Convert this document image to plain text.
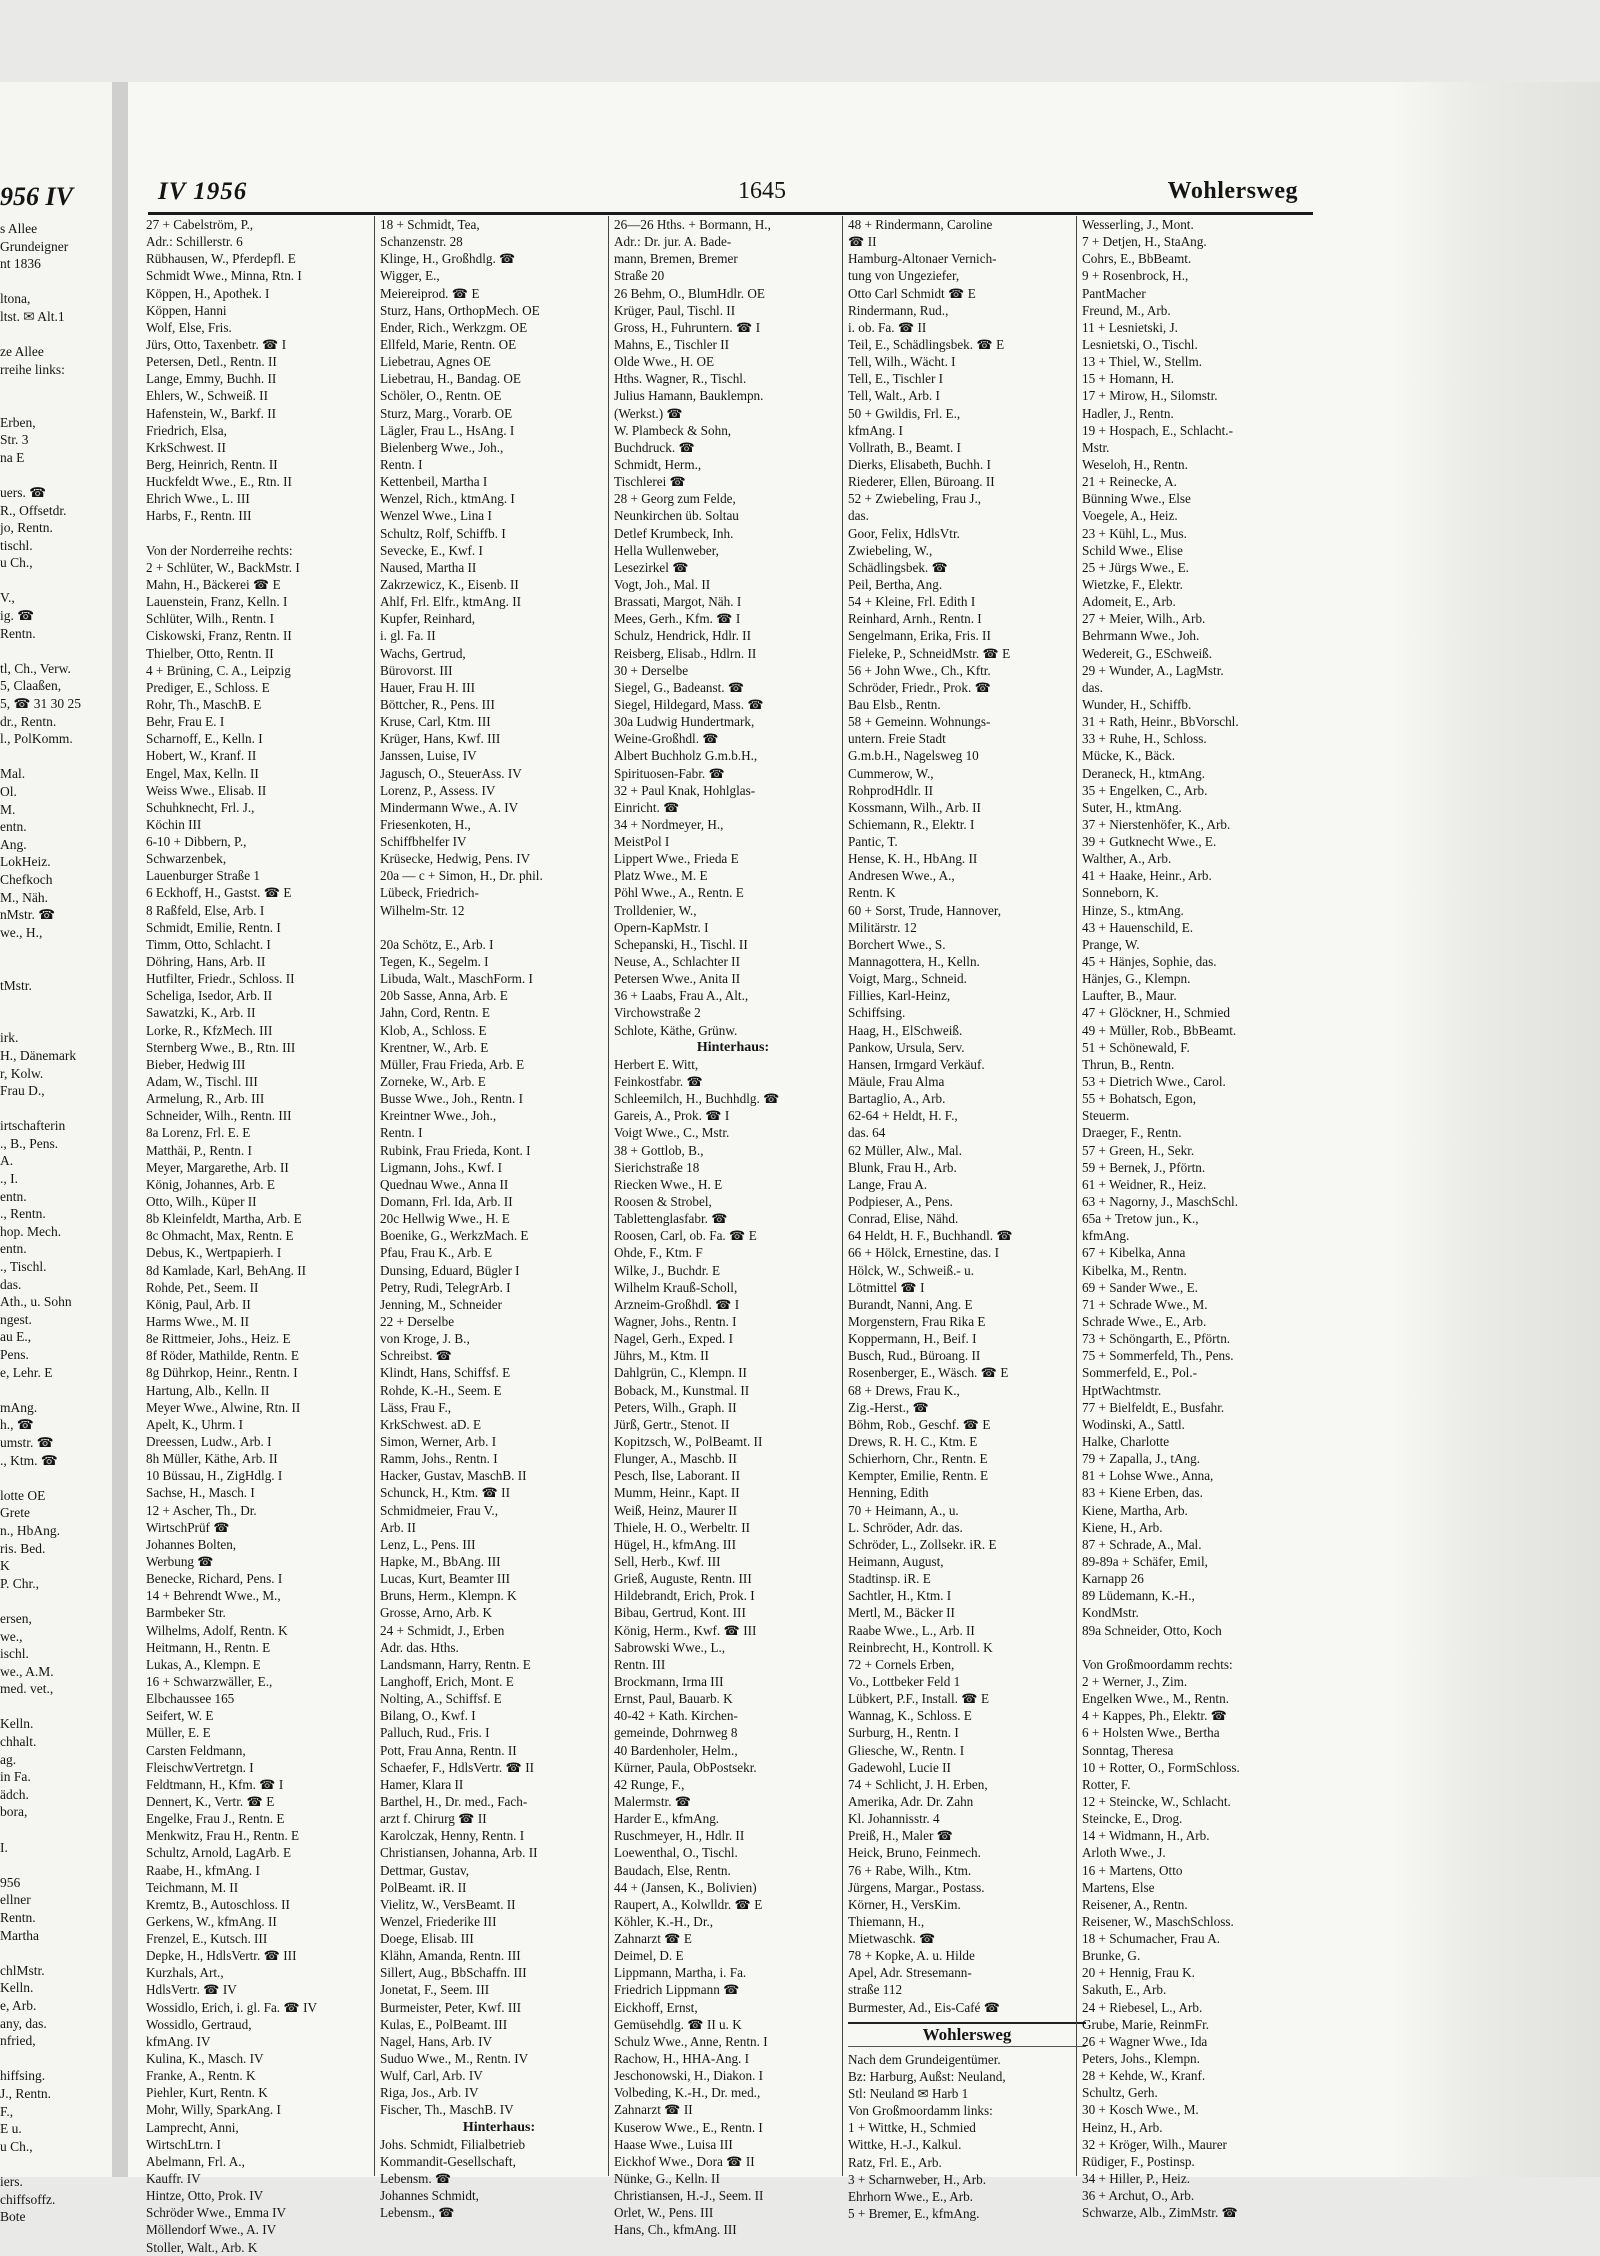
956 IV
s Allee
Grundeigner
nt 1836
ltona,
ltst. ✉ Alt.1
ze Allee
rreihe links:
Erben,
Str. 3
na E
uers. ☎
R., Offsetdr.
jo, Rentn.
tischl.
u Ch.,
V.,
ig. ☎
Rentn.
tl, Ch., Verw.
5, Claaßen,
5, ☎ 31 30 25
dr., Rentn.
l., PolKomm.
Mal.
Ol.
M.
entn.
Ang.
LokHeiz.
Chefkoch
M., Näh.
nMstr. ☎
we., H.,
tMstr.
irk.
H., Dänemark
r, Kolw.
Frau D.,
irtschafterin
., B., Pens.
A.
., I.
entn.
., Rentn.
hop. Mech.
entn.
., Tischl.
das.
Ath., u. Sohn
ngest.
au E.,
Pens.
e, Lehr. E
mAng.
h., ☎
umstr. ☎
., Ktm. ☎
lotte OE
Grete
n., HbAng.
ris. Bed.
K
P. Chr.,
ersen,
we.,
ischl.
we., A.M.
med. vet.,
Kelln.
chhalt.
ag.
in Fa.
ädch.
bora,
I.
956
ellner
Rentn.
Martha
chlMstr.
Kelln.
e, Arb.
any, das.
nfried,
hiffsing.
J., Rentn.
F.,
E u.
u Ch.,
iers.
chiffsoffz.
Bote
IV 1956	1645	Wohlersweg
27 + Cabelström, P.,
Adr.: Schillerstr. 6
Rübhausen, W., Pferdepfl. E
Schmidt Wwe., Minna, Rtn. I
Köppen, H., Apothek. I
Köppen, Hanni
Wolf, Else, Fris.
Jürs, Otto, Taxenbetr. ☎ I
Petersen, Detl., Rentn. II
Lange, Emmy, Buchh. II
Ehlers, W., Schweiß. II
Hafenstein, W., Barkf. II
Friedrich, Elsa,
KrkSchwest. II
Berg, Heinrich, Rentn. II
Huckfeldt Wwe., E., Rtn. II
Ehrich Wwe., L. III
Harbs, F., Rentn. III
Von der Norderreihe rechts:
2 + Schlüter, W., BackMstr. I
Mahn, H., Bäckerei ☎ E
Lauenstein, Franz, Kelln. I
Schlüter, Wilh., Rentn. I
Ciskowski, Franz, Rentn. II
Thielber, Otto, Rentn. II
4 + Brüning, C. A., Leipzig
Prediger, E., Schloss. E
Rohr, Th., MaschB. E
Behr, Frau E. I
Scharnoff, E., Kelln. I
Hobert, W., Kranf. II
Engel, Max, Kelln. II
Weiss Wwe., Elisab. II
Schuhknecht, Frl. J.,
Köchin III
6-10 + Dibbern, P.,
Schwarzenbek,
Lauenburger Straße 1
6 Eckhoff, H., Gastst. ☎ E
8 Raßfeld, Else, Arb. I
Schmidt, Emilie, Rentn. I
Timm, Otto, Schlacht. I
Döhring, Hans, Arb. II
Hutfilter, Friedr., Schloss. II
Scheliga, Isedor, Arb. II
Sawatzki, K., Arb. II
Lorke, R., KfzMech. III
Sternberg Wwe., B., Rtn. III
Bieber, Hedwig III
Adam, W., Tischl. III
Armelung, R., Arb. III
Schneider, Wilh., Rentn. III
8a Lorenz, Frl. E. E
Matthäi, P., Rentn. I
Meyer, Margarethe, Arb. II
König, Johannes, Arb. E
Otto, Wilh., Küper II
8b Kleinfeldt, Martha, Arb. E
8c Ohmacht, Max, Rentn. E
Debus, K., Wertpapierh. I
8d Kamlade, Karl, BehAng. II
Rohde, Pet., Seem. II
König, Paul, Arb. II
Harms Wwe., M. II
8e Rittmeier, Johs., Heiz. E
8f Röder, Mathilde, Rentn. E
8g Dührkop, Heinr., Rentn. I
Hartung, Alb., Kelln. II
Meyer Wwe., Alwine, Rtn. II
Apelt, K., Uhrm. I
Dreessen, Ludw., Arb. I
8h Müller, Käthe, Arb. II
10 Büssau, H., ZigHdlg. I
Sachse, H., Masch. I
12 + Ascher, Th., Dr.
WirtschPrüf ☎
Johannes Bolten,
Werbung ☎
Benecke, Richard, Pens. I
14 + Behrendt Wwe., M.,
Barmbeker Str.
Wilhelms, Adolf, Rentn. K
Heitmann, H., Rentn. E
Lukas, A., Klempn. E
16 + Schwarzwäller, E.,
Elbchaussee 165
Seifert, W. E
Müller, E. E
Carsten Feldmann,
FleischwVertretgn. I
Feldtmann, H., Kfm. ☎ I
Dennert, K., Vertr. ☎ E
Engelke, Frau J., Rentn. E
Menkwitz, Frau H., Rentn. E
Schultz, Arnold, LagArb. E
Raabe, H., kfmAng. I
Teichmann, M. II
Kremtz, B., Autoschloss. II
Gerkens, W., kfmAng. II
Frenzel, E., Kutsch. III
Depke, H., HdlsVertr. ☎ III
Kurzhals, Art.,
HdlsVertr. ☎ IV
Wossidlo, Erich, i. gl. Fa. ☎ IV
Wossidlo, Gertraud,
kfmAng. IV
Kulina, K., Masch. IV
Franke, A., Rentn. K
Piehler, Kurt, Rentn. K
Mohr, Willy, SparkAng. I
Lamprecht, Anni,
WirtschLtrn. I
Abelmann, Frl. A.,
Kauffr. IV
Hintze, Otto, Prok. IV
Schröder Wwe., Emma IV
Möllendorf Wwe., A. IV
Stoller, Walt., Arb. K
18 + Schmidt, Tea,
Schanzenstr. 28
Klinge, H., Großhdlg. ☎
Wigger, E.,
Meiereiprod. ☎ E
Sturz, Hans, OrthopMech. OE
Ender, Rich., Werkzgm. OE
Ellfeld, Marie, Rentn. OE
Liebetrau, Agnes OE
Liebetrau, H., Bandag. OE
Schöler, O., Rentn. OE
Sturz, Marg., Vorarb. OE
Lägler, Frau L., HsAng. I
Bielenberg Wwe., Joh.,
Rentn. I
Kettenbeil, Martha I
Wenzel, Rich., ktmAng. I
Wenzel Wwe., Lina I
Schultz, Rolf, Schiffb. I
Sevecke, E., Kwf. I
Naused, Martha II
Zakrzewicz, K., Eisenb. II
Ahlf, Frl. Elfr., ktmAng. II
Kupfer, Reinhard,
i. gl. Fa. II
Wachs, Gertrud,
Bürovorst. III
Hauer, Frau H. III
Böttcher, R., Pens. III
Kruse, Carl, Ktm. III
Krüger, Hans, Kwf. III
Janssen, Luise, IV
Jagusch, O., SteuerAss. IV
Lorenz, P., Assess. IV
Mindermann Wwe., A. IV
Friesenkoten, H.,
Schiffbhelfer IV
Krüsecke, Hedwig, Pens. IV
20a — c + Simon, H., Dr. phil.
Lübeck, Friedrich-
Wilhelm-Str. 12
20a Schötz, E., Arb. I
Tegen, K., Segelm. I
Libuda, Walt., MaschForm. I
20b Sasse, Anna, Arb. E
Jahn, Cord, Rentn. E
Klob, A., Schloss. E
Krentner, W., Arb. E
Müller, Frau Frieda, Arb. E
Zorneke, W., Arb. E
Busse Wwe., Joh., Rentn. I
Kreintner Wwe., Joh.,
Rentn. I
Rubink, Frau Frieda, Kont. I
Ligmann, Johs., Kwf. I
Quednau Wwe., Anna II
Domann, Frl. Ida, Arb. II
20c Hellwig Wwe., H. E
Boenike, G., WerkzMach. E
Pfau, Frau K., Arb. E
Dunsing, Eduard, Bügler I
Petry, Rudi, TelegrArb. I
Jenning, M., Schneider
22 + Derselbe
von Kroge, J. B.,
Schreibst. ☎
Klindt, Hans, Schiffsf. E
Rohde, K.-H., Seem. E
Läss, Frau F.,
KrkSchwest. aD. E
Simon, Werner, Arb. I
Ramm, Johs., Rentn. I
Hacker, Gustav, MaschB. II
Schunck, H., Ktm. ☎ II
Schmidmeier, Frau V.,
Arb. II
Lenz, L., Pens. III
Hapke, M., BbAng. III
Lucas, Kurt, Beamter III
Bruns, Herm., Klempn. K
Grosse, Arno, Arb. K
24 + Schmidt, J., Erben
Adr. das. Hths.
Landsmann, Harry, Rentn. E
Langhoff, Erich, Mont. E
Nolting, A., Schiffsf. E
Bilang, O., Kwf. I
Palluch, Rud., Fris. I
Pott, Frau Anna, Rentn. II
Schaefer, F., HdlsVertr. ☎ II
Hamer, Klara II
Barthel, H., Dr. med., Fach-
arzt f. Chirurg ☎ II
Karolczak, Henny, Rentn. I
Christiansen, Johanna, Arb. II
Dettmar, Gustav,
PolBeamt. iR. II
Vielitz, W., VersBeamt. II
Wenzel, Friederike III
Doege, Elisab. III
Klähn, Amanda, Rentn. III
Sillert, Aug., BbSchaffn. III
Jonetat, F., Seem. III
Burmeister, Peter, Kwf. III
Kulas, E., PolBeamt. III
Nagel, Hans, Arb. IV
Suduo Wwe., M., Rentn. IV
Wulf, Carl, Arb. IV
Riga, Jos., Arb. IV
Fischer, Th., MaschB. IV
Hinterhaus:
Johs. Schmidt, Filialbetrieb
Kommandit-Gesellschaft,
Lebensm. ☎
Johannes Schmidt,
Lebensm., ☎
26—26 Hths. + Bormann, H.,
Adr.: Dr. jur. A. Bade-
mann, Bremen, Bremer
Straße 20
26 Behm, O., BlumHdlr. OE
Krüger, Paul, Tischl. II
Gross, H., Fuhruntern. ☎ I
Mahns, E., Tischler II
Olde Wwe., H. OE
Hths. Wagner, R., Tischl.
Julius Hamann, Bauklempn.
(Werkst.) ☎
W. Plambeck & Sohn,
Buchdruck. ☎
Schmidt, Herm.,
Tischlerei ☎
28 + Georg zum Felde,
Neunkirchen üb. Soltau
Detlef Krumbeck, Inh.
Hella Wullenweber,
Lesezirkel ☎
Vogt, Joh., Mal. II
Brassati, Margot, Näh. I
Mees, Gerh., Kfm. ☎ I
Schulz, Hendrick, Hdlr. II
Reisberg, Elisab., Hdlrn. II
30 + Derselbe
Siegel, G., Badeanst. ☎
Siegel, Hildegard, Mass. ☎
30a Ludwig Hundertmark,
Weine-Großhdl. ☎
Albert Buchholz G.m.b.H.,
Spirituosen-Fabr. ☎
32 + Paul Knak, Hohlglas-
Einricht. ☎
34 + Nordmeyer, H.,
MeistPol I
Lippert Wwe., Frieda E
Platz Wwe., M. E
Pöhl Wwe., A., Rentn. E
Trolldenier, W.,
Opern-KapMstr. I
Schepanski, H., Tischl. II
Neuse, A., Schlachter II
Petersen Wwe., Anita II
36 + Laabs, Frau A., Alt.,
Virchowstraße 2
Schlote, Käthe, Grünw.
Hinterhaus:
Herbert E. Witt,
Feinkostfabr. ☎
Schleemilch, H., Buchhdlg. ☎
Gareis, A., Prok. ☎ I
Voigt Wwe., C., Mstr.
38 + Gottlob, B.,
Sierichstraße 18
Riecken Wwe., H. E
Roosen & Strobel,
Tablettenglasfabr. ☎
Roosen, Carl, ob. Fa. ☎ E
Ohde, F., Ktm. F
Wilke, J., Buchdr. E
Wilhelm Krauß-Scholl,
Arzneim-Großhdl. ☎ I
Wagner, Johs., Rentn. I
Nagel, Gerh., Exped. I
Jührs, M., Ktm. II
Dahlgrün, C., Klempn. II
Boback, M., Kunstmal. II
Peters, Wilh., Graph. II
Jürß, Gertr., Stenot. II
Kopitzsch, W., PolBeamt. II
Flunger, A., Maschb. II
Pesch, Ilse, Laborant. II
Mumm, Heinr., Kapt. II
Weiß, Heinz, Maurer II
Thiele, H. O., Werbeltr. II
Hügel, H., kfmAng. III
Sell, Herb., Kwf. III
Grieß, Auguste, Rentn. III
Hildebrandt, Erich, Prok. I
Bibau, Gertrud, Kont. III
König, Herm., Kwf. ☎ III
Sabrowski Wwe., L.,
Rentn. III
Brockmann, Irma III
Ernst, Paul, Bauarb. K
40-42 + Kath. Kirchen-
gemeinde, Dohrnweg 8
40 Bardenholer, Helm.,
Kürner, Paula, ObPostsekr.
42 Runge, F.,
Malermstr. ☎
Harder E., kfmAng.
Ruschmeyer, H., Hdlr. II
Loewenthal, O., Tischl.
Baudach, Else, Rentn.
44 + (Jansen, K., Bolivien)
Raupert, A., Kolwlldr. ☎ E
Köhler, K.-H., Dr.,
Zahnarzt ☎ E
Deimel, D. E
Lippmann, Martha, i. Fa.
Friedrich Lippmann ☎
Eickhoff, Ernst,
Gemüsehdlg. ☎ II u. K
Schulz Wwe., Anne, Rentn. I
Rachow, H., HHA-Ang. I
Jeschonowski, H., Diakon. I
Volbeding, K.-H., Dr. med.,
Zahnarzt ☎ II
Kuserow Wwe., E., Rentn. I
Haase Wwe., Luisa III
Eickhof Wwe., Dora ☎ II
Nünke, G., Kelln. II
Christiansen, H.-J., Seem. II
Orlet, W., Pens. III
Hans, Ch., kfmAng. III
48 + Rindermann, Caroline
☎ II
Hamburg-Altonaer Vernich-
tung von Ungeziefer,
Otto Carl Schmidt ☎ E
Rindermann, Rud.,
i. ob. Fa. ☎ II
Teil, E., Schädlingsbek. ☎ E
Tell, Wilh., Wächt. I
Tell, E., Tischler I
Tell, Walt., Arb. I
50 + Gwildis, Frl. E.,
kfmAng. I
Vollrath, B., Beamt. I
Dierks, Elisabeth, Buchh. I
Riederer, Ellen, Büroang. II
52 + Zwiebeling, Frau J.,
das.
Goor, Felix, HdlsVtr.
Zwiebeling, W.,
Schädlingsbek. ☎
Peil, Bertha, Ang.
54 + Kleine, Frl. Edith I
Reinhard, Arnh., Rentn. I
Sengelmann, Erika, Fris. II
Fieleke, P., SchneidMstr. ☎ E
56 + John Wwe., Ch., Kftr.
Schröder, Friedr., Prok. ☎
Bau Elsb., Rentn.
58 + Gemeinn. Wohnungs-
untern. Freie Stadt
G.m.b.H., Nagelsweg 10
Cummerow, W.,
RohprodHdlr. II
Kossmann, Wilh., Arb. II
Schiemann, R., Elektr. I
Pantic, T.
Hense, K. H., HbAng. II
Andresen Wwe., A.,
Rentn. K
60 + Sorst, Trude, Hannover,
Militärstr. 12
Borchert Wwe., S.
Mannagottera, H., Kelln.
Voigt, Marg., Schneid.
Fillies, Karl-Heinz,
Schiffsing.
Haag, H., ElSchweiß.
Pankow, Ursula, Serv.
Hansen, Irmgard Verkäuf.
Mäule, Frau Alma
Bartaglio, A., Arb.
62-64 + Heldt, H. F.,
das. 64
62 Müller, Alw., Mal.
Blunk, Frau H., Arb.
Lange, Frau A.
Podpieser, A., Pens.
Conrad, Elise, Nähd.
64 Heldt, H. F., Buchhandl. ☎
66 + Hölck, Ernestine, das. I
Hölck, W., Schweiß.- u.
Lötmittel ☎ I
Burandt, Nanni, Ang. E
Morgenstern, Frau Rika E
Koppermann, H., Beif. I
Busch, Rud., Büroang. II
Rosenberger, E., Wäsch. ☎ E
68 + Drews, Frau K.,
Zig.-Herst., ☎
Böhm, Rob., Geschf. ☎ E
Drews, R. H. C., Ktm. E
Schierhorn, Chr., Rentn. E
Kempter, Emilie, Rentn. E
Henning, Edith
70 + Heimann, A., u.
L. Schröder, Adr. das.
Schröder, L., Zollsekr. iR. E
Heimann, August,
Stadtinsp. iR. E
Sachtler, H., Ktm. I
Mertl, M., Bäcker II
Raabe Wwe., L., Arb. II
Reinbrecht, H., Kontroll. K
72 + Cornels Erben,
Vo., Lottbeker Feld 1
Lübkert, P.F., Install. ☎ E
Wannag, K., Schloss. E
Surburg, H., Rentn. I
Gliesche, W., Rentn. I
Gadewohl, Lucie II
74 + Schlicht, J. H. Erben,
Amerika, Adr. Dr. Zahn
Kl. Johannisstr. 4
Preiß, H., Maler ☎
Heick, Bruno, Feinmech.
76 + Rabe, Wilh., Ktm.
Jürgens, Margar., Postass.
Körner, H., VersKim.
Thiemann, H.,
Mietwaschk. ☎
78 + Kopke, A. u. Hilde
Apel, Adr. Stresemann-
straße 112
Burmester, Ad., Eis-Café ☎
Wohlersweg
Nach dem Grundeigentümer.
Bz: Harburg, Außst: Neuland,
Stl: Neuland ✉ Harb 1
Von Großmoordamm links:
1 + Wittke, H., Schmied
Wittke, H.-J., Kalkul.
Ratz, Frl. E., Arb.
3 + Scharnweber, H., Arb.
Ehrhorn Wwe., E., Arb.
5 + Bremer, E., kfmAng.
Wesserling, J., Mont.
7 + Detjen, H., StaAng.
Cohrs, E., BbBeamt.
9 + Rosenbrock, H.,
PantMacher
Freund, M., Arb.
11 + Lesnietski, J.
Lesnietski, O., Tischl.
13 + Thiel, W., Stellm.
15 + Homann, H.
17 + Mirow, H., Silomstr.
Hadler, J., Rentn.
19 + Hospach, E., Schlacht.-
Mstr.
Weseloh, H., Rentn.
21 + Reinecke, A.
Bünning Wwe., Else
Voegele, A., Heiz.
23 + Kühl, L., Mus.
Schild Wwe., Elise
25 + Jürgs Wwe., E.
Wietzke, F., Elektr.
Adomeit, E., Arb.
27 + Meier, Wilh., Arb.
Behrmann Wwe., Joh.
Wedereit, G., ESchweiß.
29 + Wunder, A., LagMstr.
das.
Wunder, H., Schiffb.
31 + Rath, Heinr., BbVorschl.
33 + Ruhe, H., Schloss.
Mücke, K., Bäck.
Deraneck, H., ktmAng.
35 + Engelken, C., Arb.
Suter, H., ktmAng.
37 + Nierstenhöfer, K., Arb.
39 + Gutknecht Wwe., E.
Walther, A., Arb.
41 + Haake, Heinr., Arb.
Sonneborn, K.
Hinze, S., ktmAng.
43 + Hauenschild, E.
Prange, W.
45 + Hänjes, Sophie, das.
Hänjes, G., Klempn.
Laufter, B., Maur.
47 + Glöckner, H., Schmied
49 + Müller, Rob., BbBeamt.
51 + Schönewald, F.
Thrun, B., Rentn.
53 + Dietrich Wwe., Carol.
55 + Bohatsch, Egon,
Steuerm.
Draeger, F., Rentn.
57 + Green, H., Sekr.
59 + Bernek, J., Pförtn.
61 + Weidner, R., Heiz.
63 + Nagorny, J., MaschSchl.
65a + Tretow jun., K.,
kfmAng.
67 + Kibelka, Anna
Kibelka, M., Rentn.
69 + Sander Wwe., E.
71 + Schrade Wwe., M.
Schrade Wwe., E., Arb.
73 + Schöngarth, E., Pförtn.
75 + Sommerfeld, Th., Pens.
Sommerfeld, E., Pol.-
HptWachtmstr.
77 + Bielfeldt, E., Busfahr.
Wodinski, A., Sattl.
Halke, Charlotte
79 + Zapalla, J., tAng.
81 + Lohse Wwe., Anna,
83 + Kiene Erben, das.
Kiene, Martha, Arb.
Kiene, H., Arb.
87 + Schrade, A., Mal.
89-89a + Schäfer, Emil,
Karnapp 26
89 Lüdemann, K.-H.,
KondMstr.
89a Schneider, Otto, Koch
Von Großmoordamm rechts:
2 + Werner, J., Zim.
Engelken Wwe., M., Rentn.
4 + Kappes, Ph., Elektr. ☎
6 + Holsten Wwe., Bertha
Sonntag, Theresa
10 + Rotter, O., FormSchloss.
Rotter, F.
12 + Steincke, W., Schlacht.
Steincke, E., Drog.
14 + Widmann, H., Arb.
Arloth Wwe., J.
16 + Martens, Otto
Martens, Else
Reisener, A., Rentn.
Reisener, W., MaschSchloss.
18 + Schumacher, Frau A.
Brunke, G.
20 + Hennig, Frau K.
Sakuth, E., Arb.
24 + Riebesel, L., Arb.
Grube, Marie, ReinmFr.
26 + Wagner Wwe., Ida
Peters, Johs., Klempn.
28 + Kehde, W., Kranf.
Schultz, Gerh.
30 + Kosch Wwe., M.
Heinz, H., Arb.
32 + Kröger, Wilh., Maurer
Rüdiger, F., Postinsp.
34 + Hiller, P., Heiz.
36 + Archut, O., Arb.
Schwarze, Alb., ZimMstr. ☎
